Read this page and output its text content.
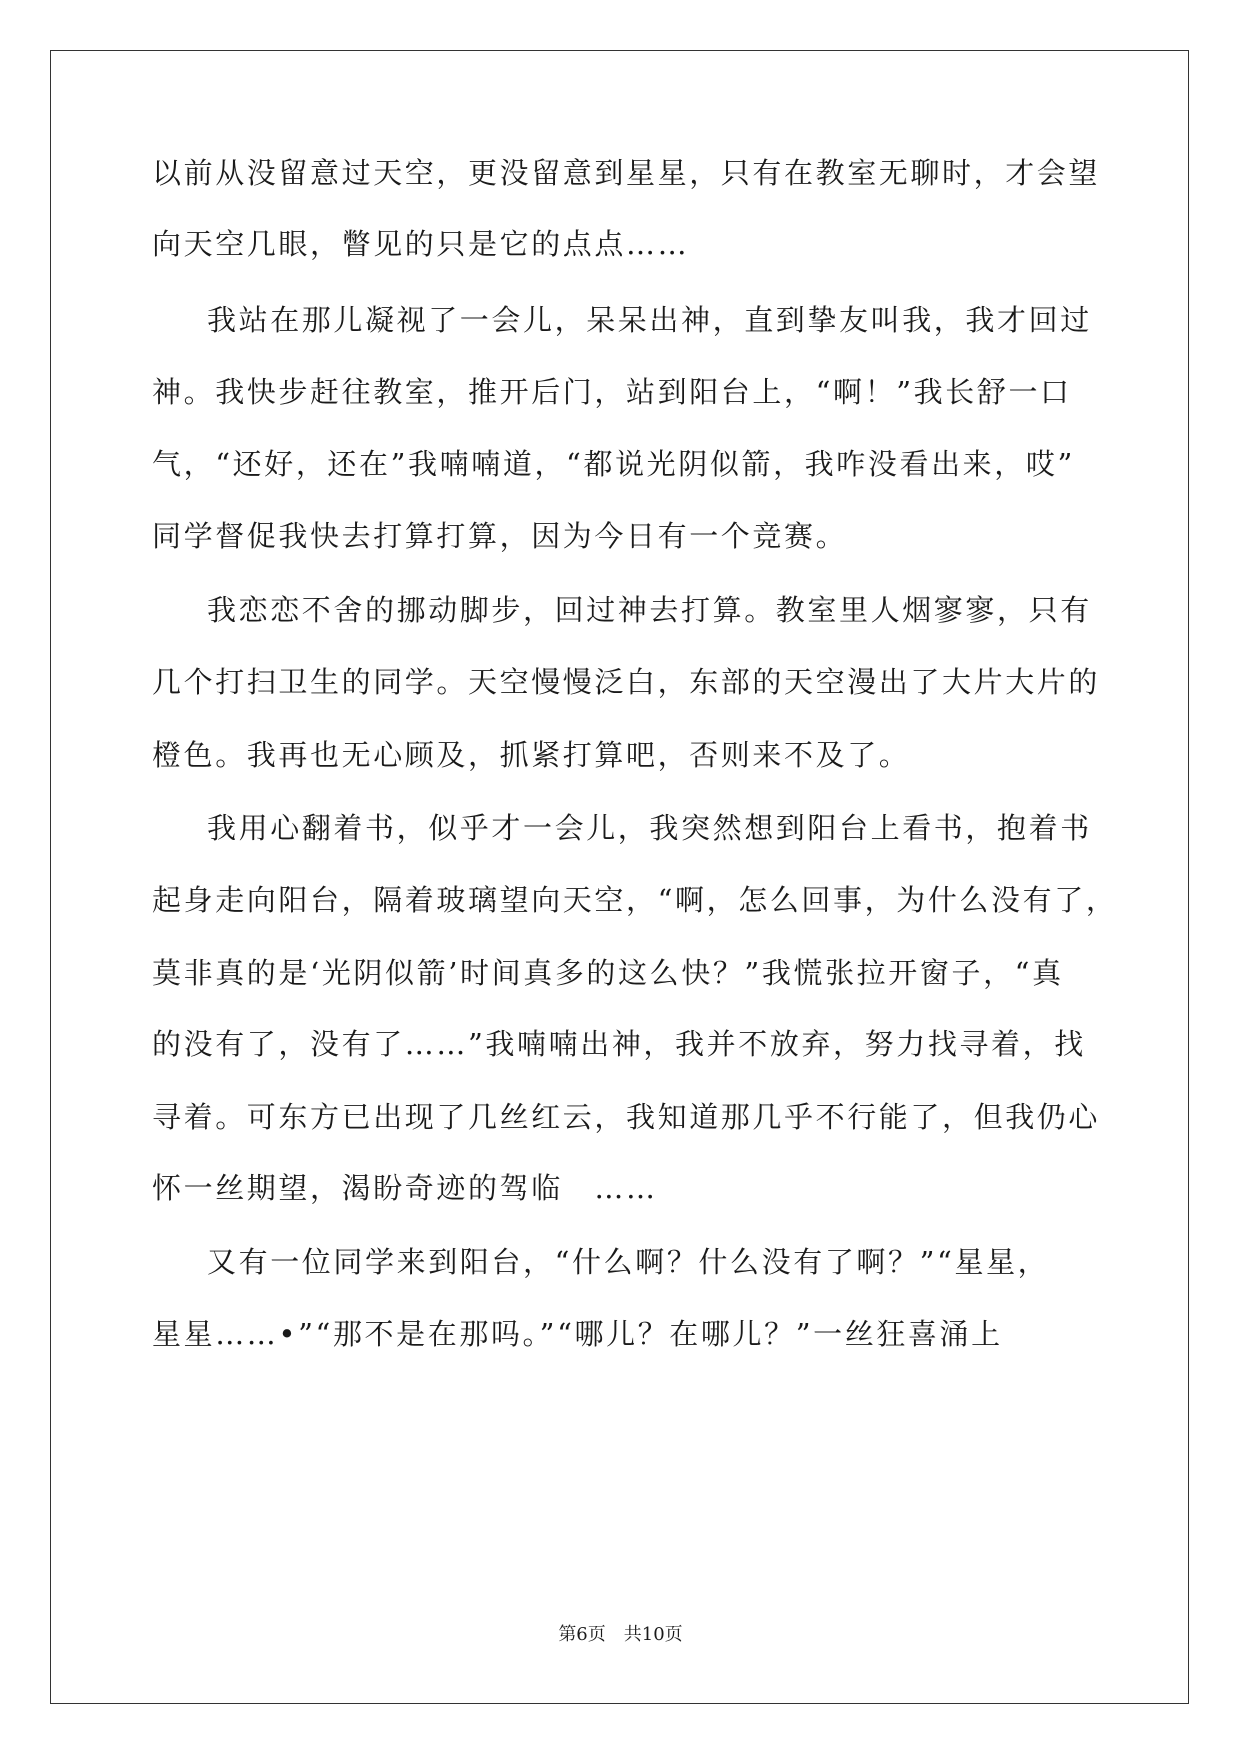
以前从没留意过天空，更没留意到星星，只有在教室无聊时，才会望
向天空几眼，瞥见的只是它的点点……
我站在那儿凝视了一会儿，呆呆出神，直到挚友叫我，我才回过
神。我快步赶往教室，推开后门，站到阳台上，“啊！”我长舒一口
气，“还好，还在”我喃喃道，“都说光阴似箭，我咋没看出来，哎”
同学督促我快去打算打算，因为今日有一个竞赛。
我恋恋不舍的挪动脚步，回过神去打算。教室里人烟寥寥，只有
几个打扫卫生的同学。天空慢慢泛白，东部的天空漫出了大片大片的
橙色。我再也无心顾及，抓紧打算吧，否则来不及了。
我用心翻着书，似乎才一会儿，我突然想到阳台上看书，抱着书
起身走向阳台，隔着玻璃望向天空，“啊，怎么回事，为什么没有了，
莫非真的是‘光阴似箭’时间真多的这么快？”我慌张拉开窗子，“真
的没有了，没有了……”我喃喃出神，我并不放弃，努力找寻着，找
寻着。可东方已出现了几丝红云，我知道那几乎不行能了，但我仍心
怀一丝期望，渴盼奇迹的驾临　……
又有一位同学来到阳台，“什么啊？什么没有了啊？”“星星，
星星……•”“那不是在那吗。”“哪儿？在哪儿？”一丝狂喜涌上
第6页　共10页
